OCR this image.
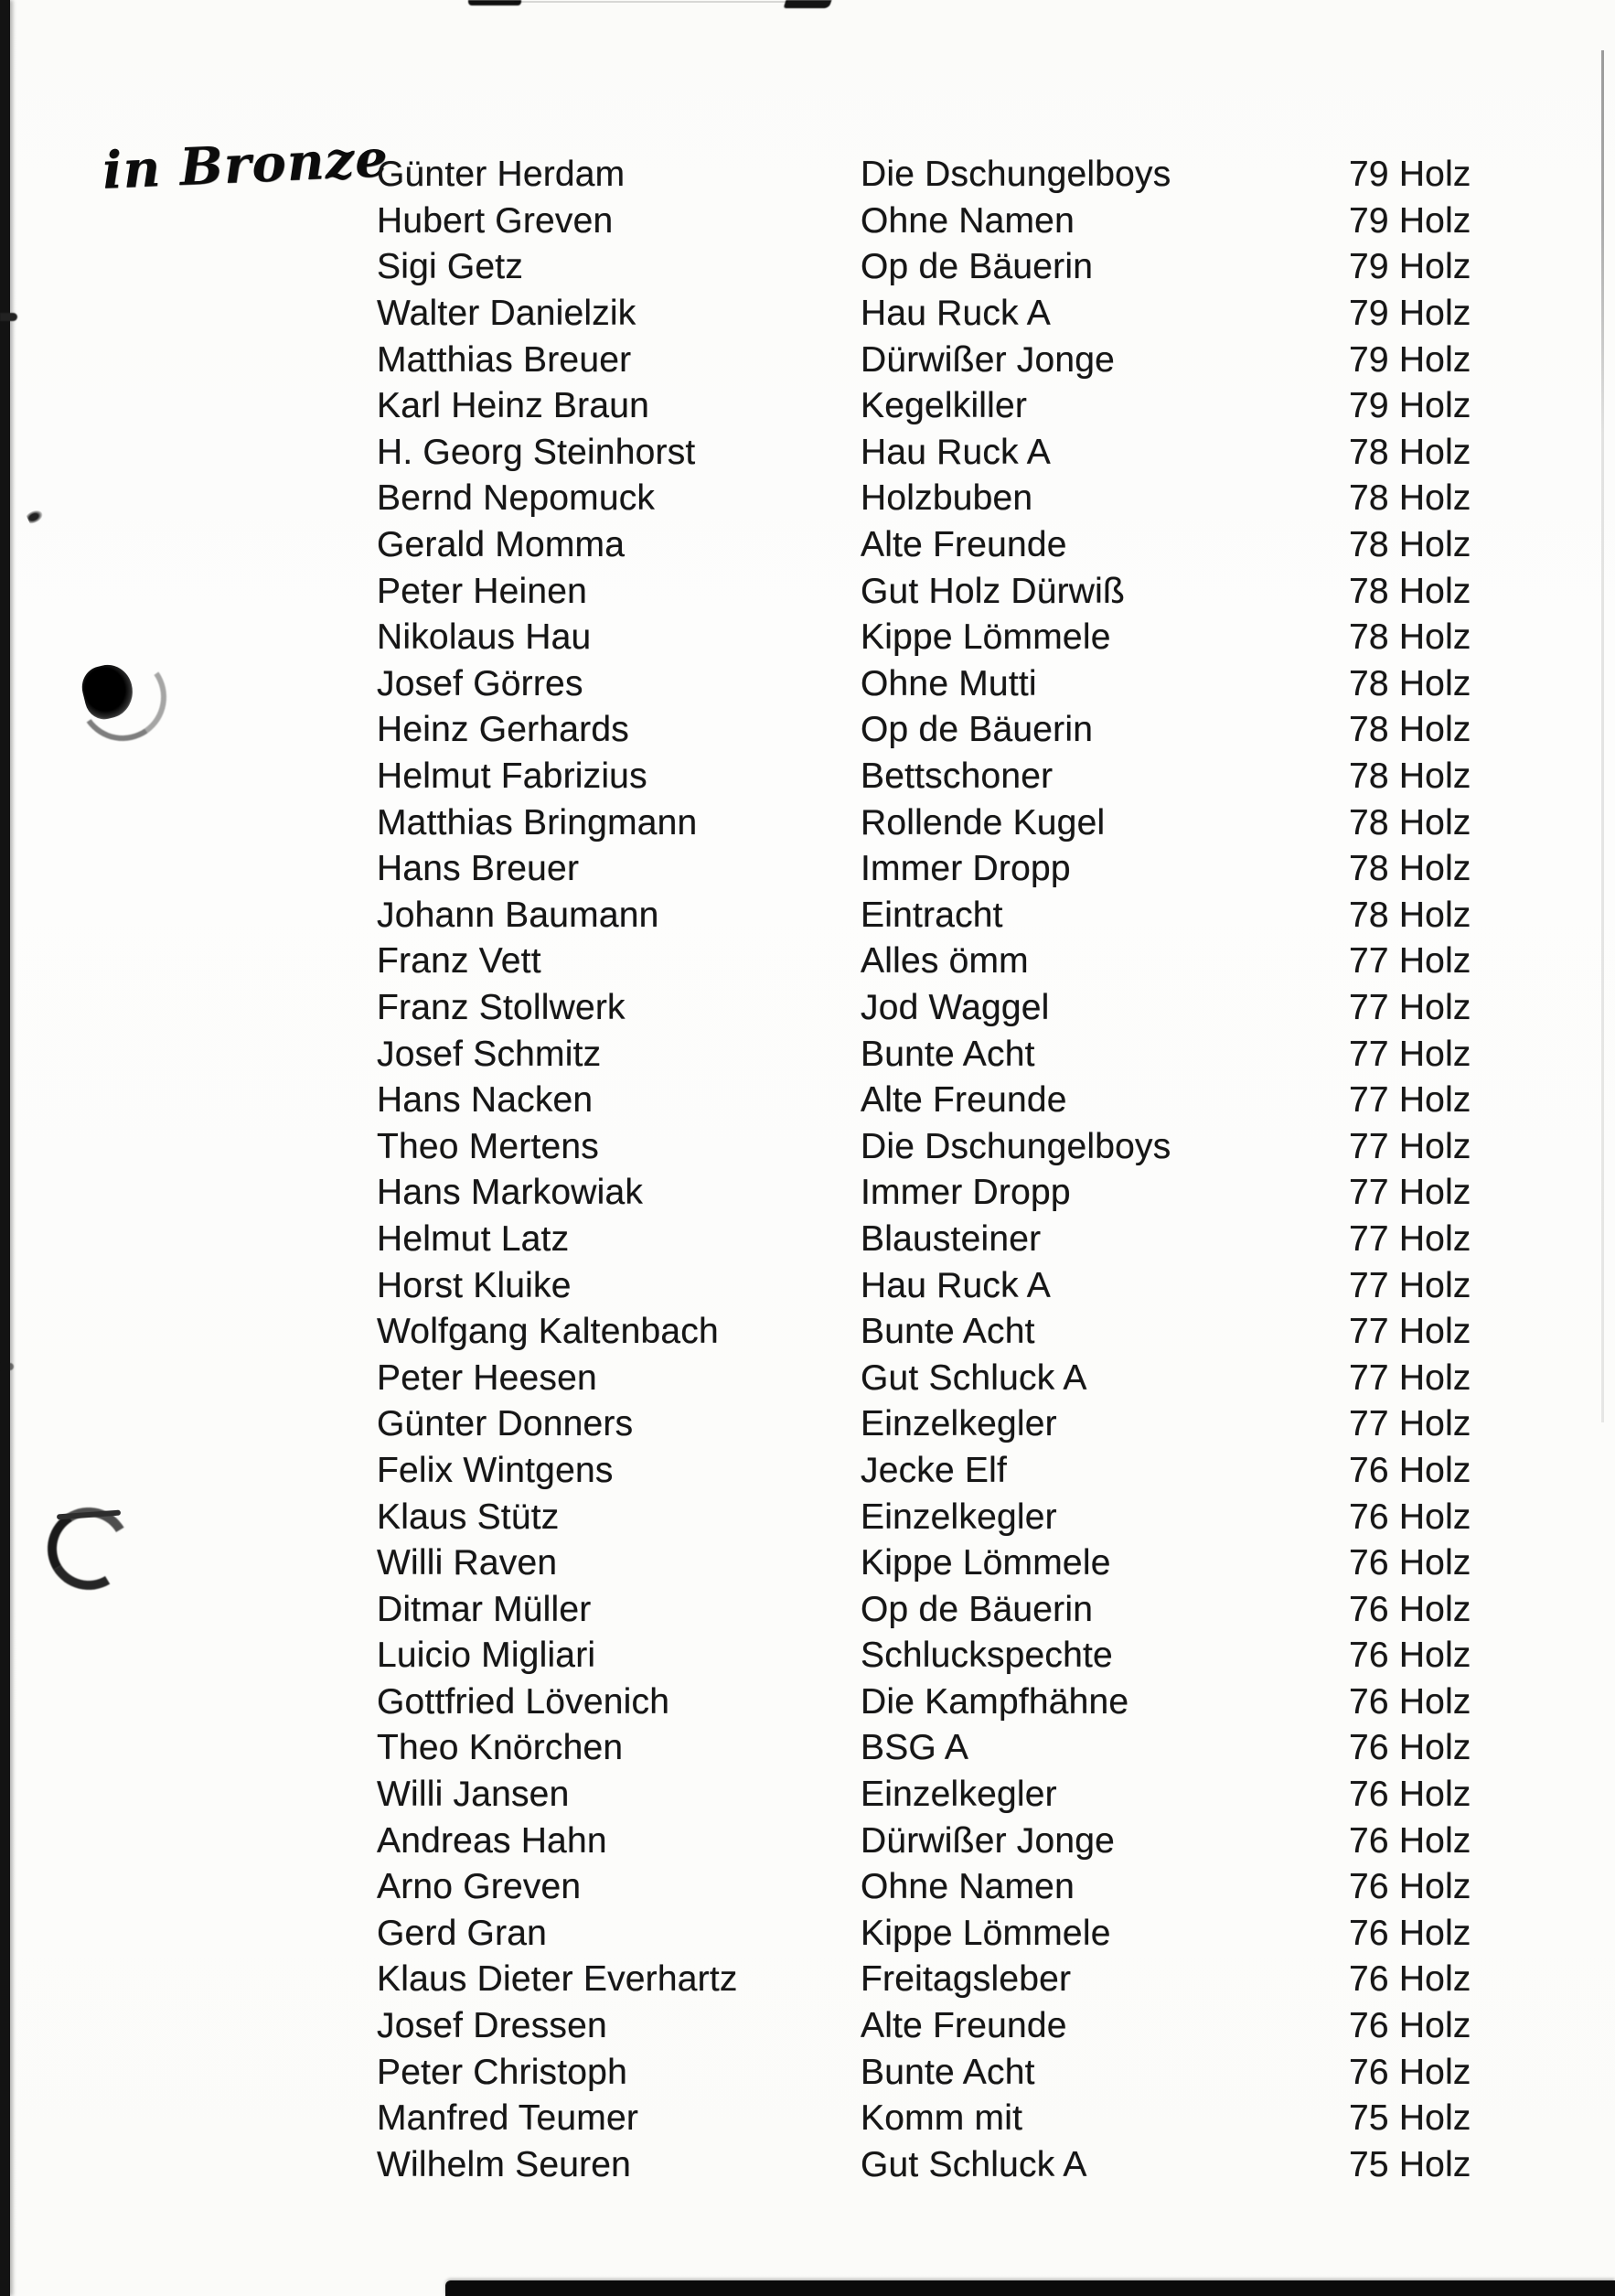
in Bronze
Günter Herdam	Die Dschungelboys	79 Holz
Hubert Greven	Ohne Namen	79 Holz
Sigi Getz	Op de Bäuerin	79 Holz
Walter Danielzik	Hau Ruck A	79 Holz
Matthias Breuer	Dürwißer Jonge	79 Holz
Karl Heinz Braun	Kegelkiller	79 Holz
H. Georg Steinhorst	Hau Ruck A	78 Holz
Bernd Nepomuck	Holzbuben	78 Holz
Gerald Momma	Alte Freunde	78 Holz
Peter Heinen	Gut Holz Dürwiß	78 Holz
Nikolaus Hau	Kippe Lömmele	78 Holz
Josef Görres	Ohne Mutti	78 Holz
Heinz Gerhards	Op de Bäuerin	78 Holz
Helmut Fabrizius	Bettschoner	78 Holz
Matthias Bringmann	Rollende Kugel	78 Holz
Hans Breuer	Immer Dropp	78 Holz
Johann Baumann	Eintracht	78 Holz
Franz Vett	Alles ömm	77 Holz
Franz Stollwerk	Jod Waggel	77 Holz
Josef Schmitz	Bunte Acht	77 Holz
Hans Nacken	Alte Freunde	77 Holz
Theo Mertens	Die Dschungelboys	77 Holz
Hans Markowiak	Immer Dropp	77 Holz
Helmut Latz	Blausteiner	77 Holz
Horst Kluike	Hau Ruck A	77 Holz
Wolfgang Kaltenbach	Bunte Acht	77 Holz
Peter Heesen	Gut Schluck A	77 Holz
Günter Donners	Einzelkegler	77 Holz
Felix Wintgens	Jecke Elf	76 Holz
Klaus Stütz	Einzelkegler	76 Holz
Willi Raven	Kippe Lömmele	76 Holz
Ditmar Müller	Op de Bäuerin	76 Holz
Luicio Migliari	Schluckspechte	76 Holz
Gottfried Lövenich	Die Kampfhähne	76 Holz
Theo Knörchen	BSG A	76 Holz
Willi Jansen	Einzelkegler	76 Holz
Andreas Hahn	Dürwißer Jonge	76 Holz
Arno Greven	Ohne Namen	76 Holz
Gerd Gran	Kippe Lömmele	76 Holz
Klaus Dieter Everhartz	Freitagsleber	76 Holz
Josef Dressen	Alte Freunde	76 Holz
Peter Christoph	Bunte Acht	76 Holz
Manfred Teumer	Komm mit	75 Holz
Wilhelm Seuren	Gut Schluck A	75 Holz
